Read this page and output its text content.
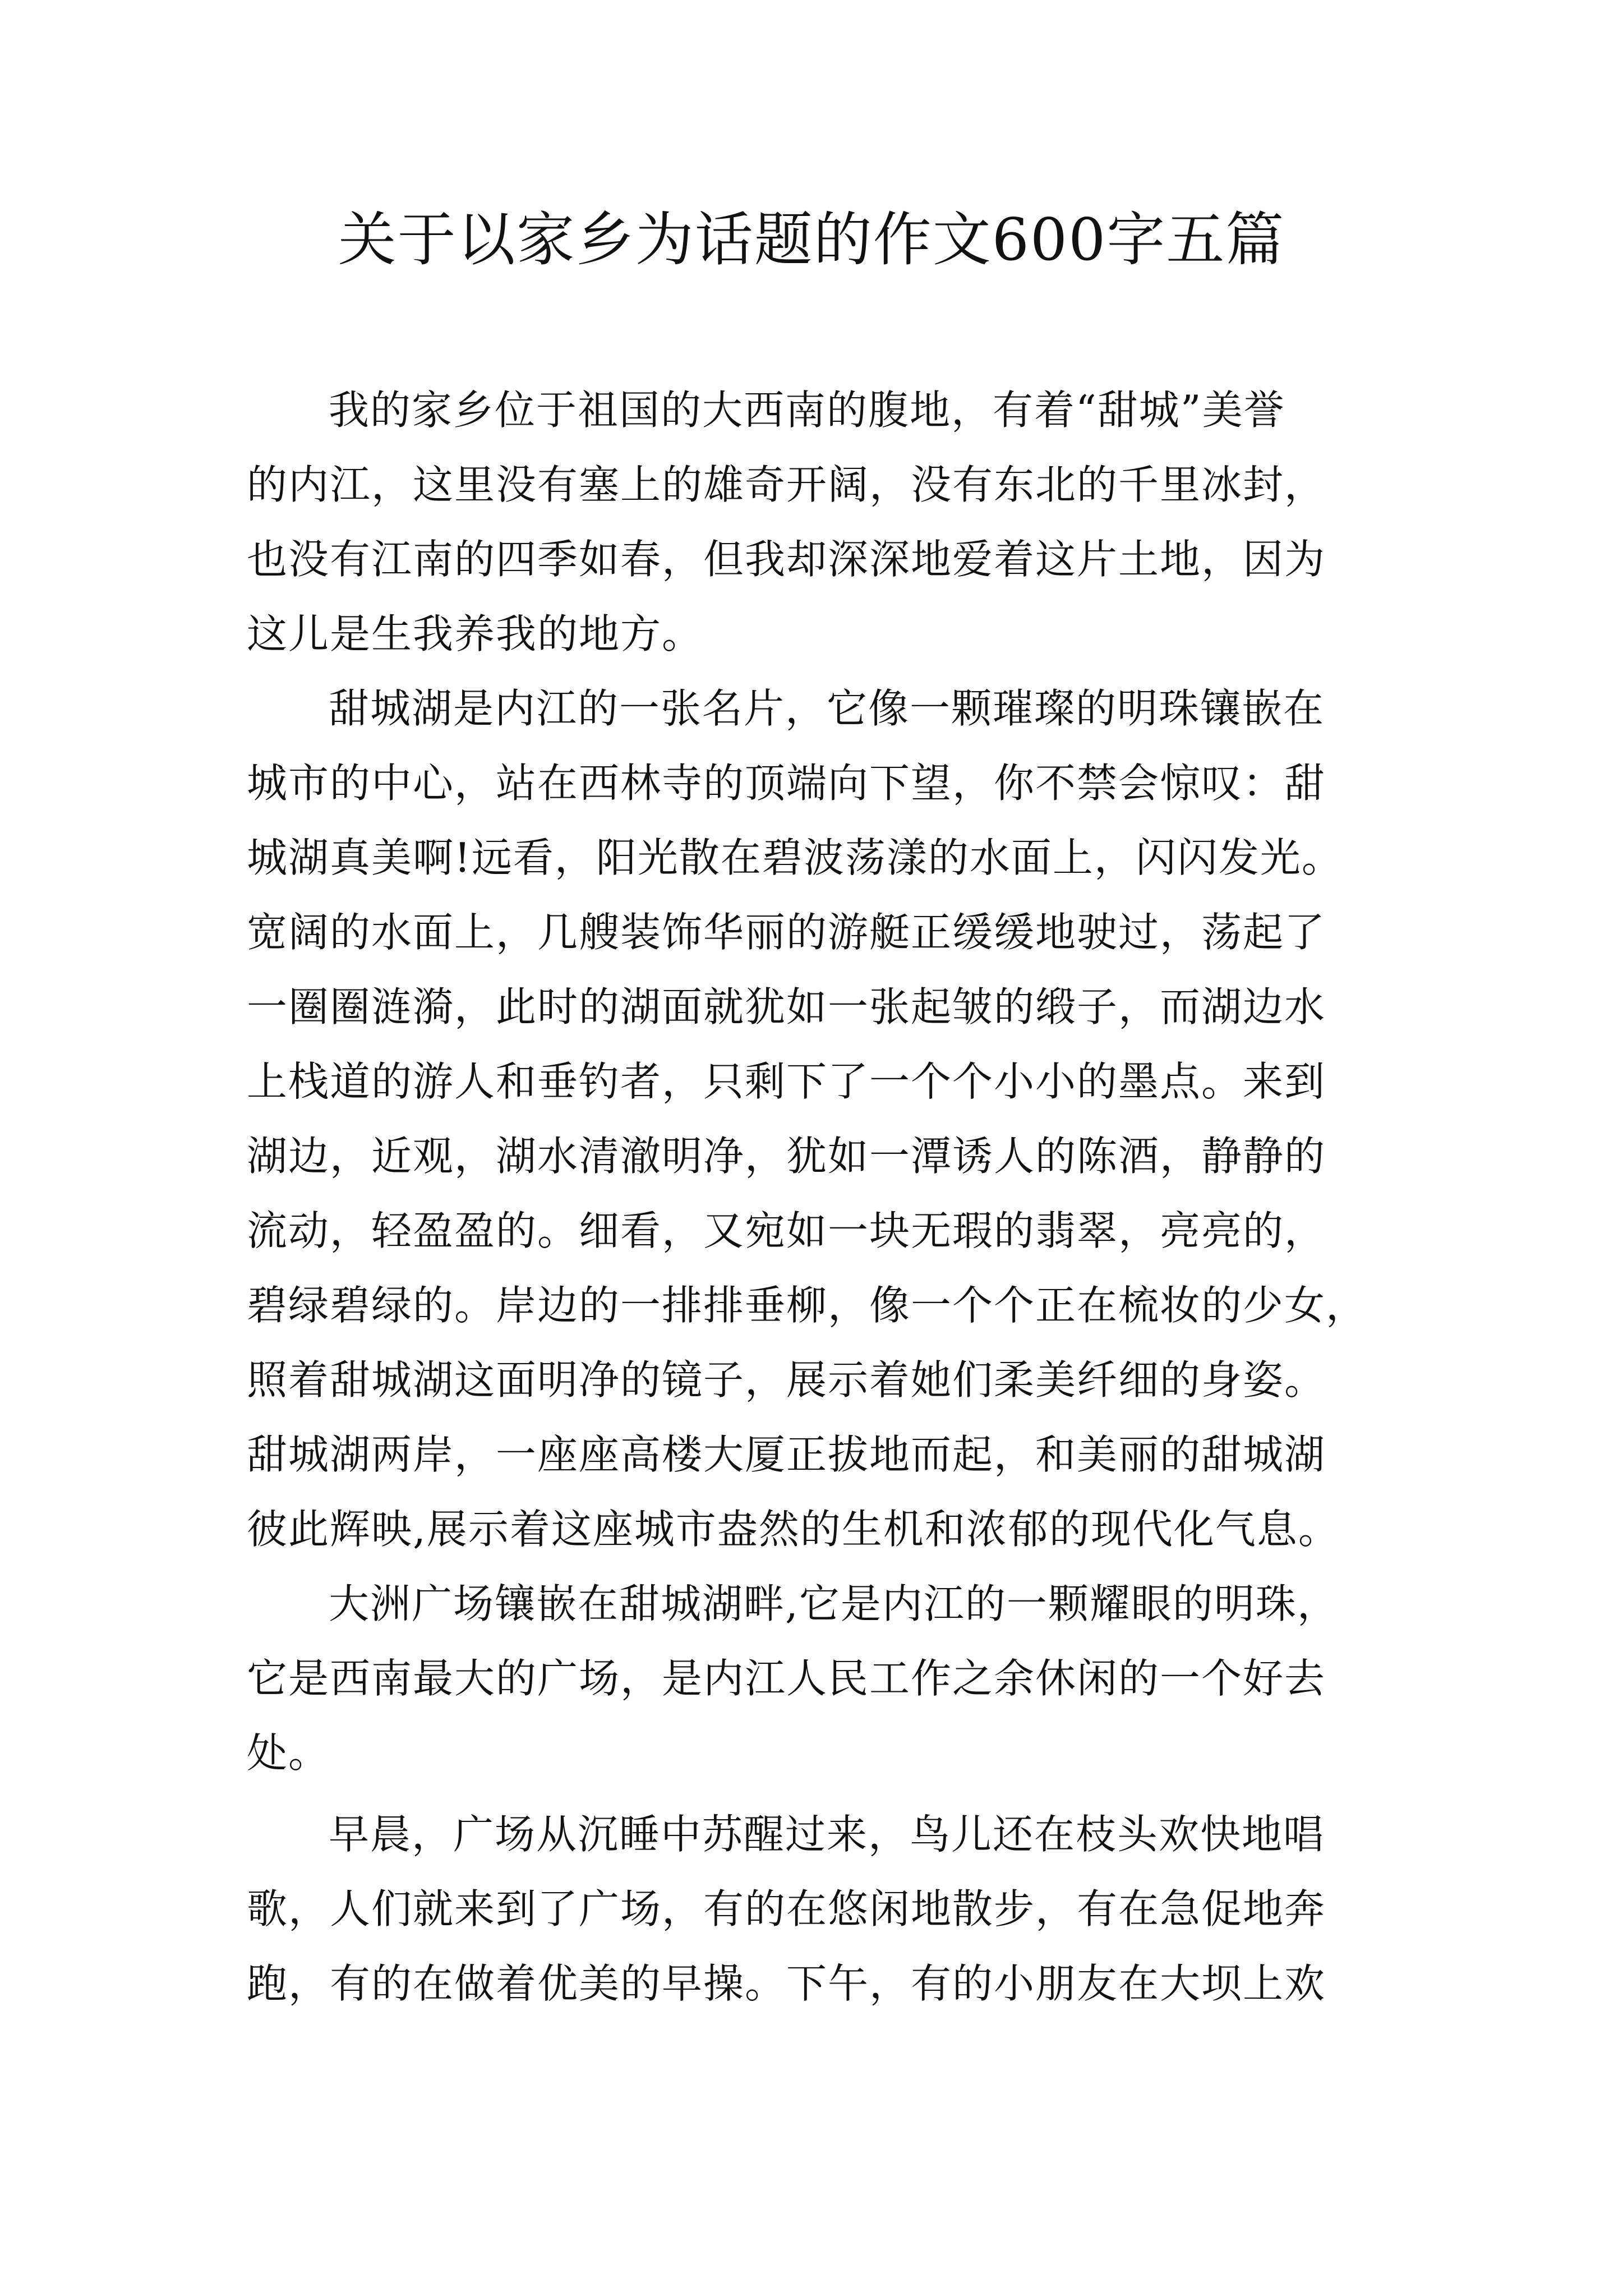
关于以家乡为话题的作文600字五篇

我的家乡位于祖国的大西南的腹地，有着“甜城”美誉
的内江，这里没有塞上的雄奇开阔，没有东北的千里冰封，
也没有江南的四季如春，但我却深深地爱着这片土地，因为
这儿是生我养我的地方。

甜城湖是内江的一张名片，它像一颗璀璨的明珠镶嵌在
城市的中心，站在西林寺的顶端向下望，你不禁会惊叹：甜
城湖真美啊!远看，阳光散在碧波荡漾的水面上，闪闪发光。
宽阔的水面上，几艘装饰华丽的游艇正缓缓地驶过，荡起了
一圈圈涟漪，此时的湖面就犹如一张起皱的缎子，而湖边水
上栈道的游人和垂钓者，只剩下了一个个小小的墨点。来到
湖边，近观，湖水清澈明净，犹如一潭诱人的陈酒，静静的
流动，轻盈盈的。细看，又宛如一块无瑕的翡翠，亮亮的，
碧绿碧绿的。岸边的一排排垂柳，像一个个正在梳妆的少女，
照着甜城湖这面明净的镜子，展示着她们柔美纤细的身姿。
甜城湖两岸，一座座高楼大厦正拔地而起，和美丽的甜城湖
彼此辉映,展示着这座城市盎然的生机和浓郁的现代化气息。

大洲广场镶嵌在甜城湖畔,它是内江的一颗耀眼的明珠，
它是西南最大的广场，是内江人民工作之余休闲的一个好去
处。

早晨，广场从沉睡中苏醒过来，鸟儿还在枝头欢快地唱
歌，人们就来到了广场，有的在悠闲地散步，有在急促地奔
跑，有的在做着优美的早操。下午，有的小朋友在大坝上欢
